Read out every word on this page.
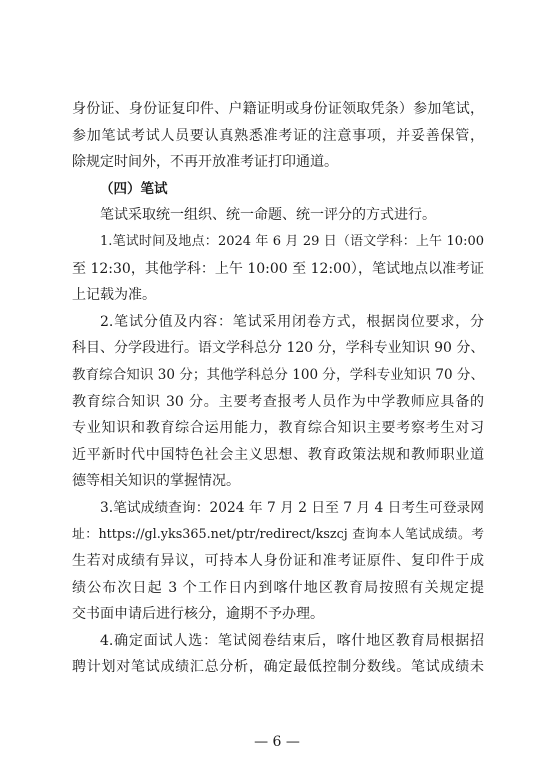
身份证、身份证复印件、户籍证明或身份证领取凭条）参加笔试，
参加笔试考试人员要认真熟悉准考证的注意事项，并妥善保管，
除规定时间外，不再开放准考证打印通道。
（四）笔试
笔试采取统一组织、统一命题、统一评分的方式进行。
1.笔试时间及地点：2024 年 6 月 29 日（语文学科：上午 10:00
至 12:30，其他学科：上午 10:00 至 12:00），笔试地点以准考证
上记载为准。
2.笔试分值及内容：笔试采用闭卷方式，根据岗位要求，分
科目、分学段进行。语文学科总分 120 分，学科专业知识 90 分、
教育综合知识 30 分；其他学科总分 100 分，学科专业知识 70 分、
教育综合知识 30 分。主要考查报考人员作为中学教师应具备的
专业知识和教育综合运用能力，教育综合知识主要考察考生对习
近平新时代中国特色社会主义思想、教育政策法规和教师职业道
德等相关知识的掌握情况。
3.笔试成绩查询：2024 年 7 月 2 日至 7 月 4 日考生可登录网
址：https://gl.yks365.net/ptr/redirect/kszcj 查询本人笔试成绩。考
生若对成绩有异议，可持本人身份证和准考证原件、复印件于成
绩公布次日起 3 个工作日内到喀什地区教育局按照有关规定提
交书面申请后进行核分，逾期不予办理。
4.确定面试人选：笔试阅卷结束后，喀什地区教育局根据招
聘计划对笔试成绩汇总分析，确定最低控制分数线。笔试成绩未
— 6 —
